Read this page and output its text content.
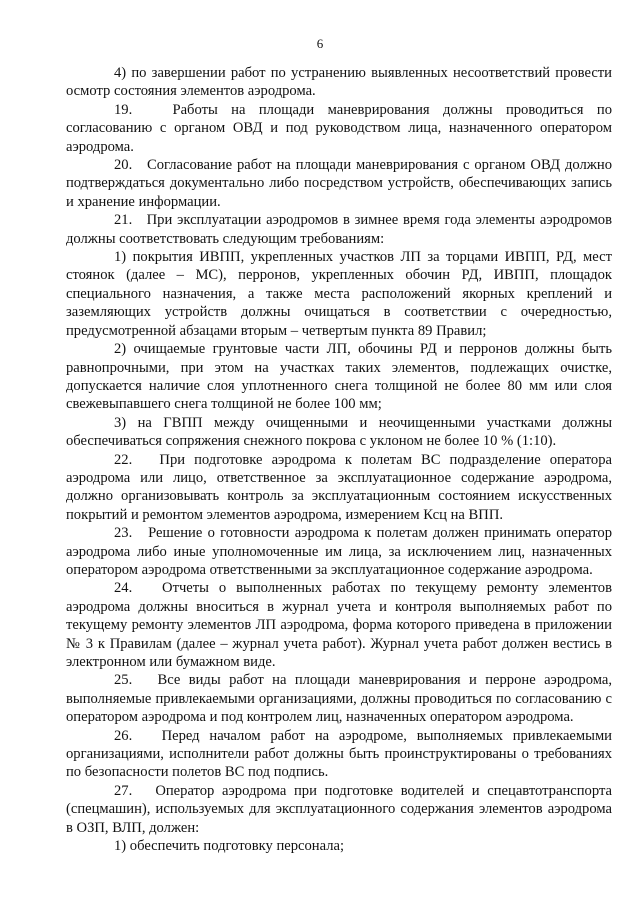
6

4) по завершении работ по устранению выявленных несоответствий провести осмотр состояния элементов аэродрома.

19.   Работы на площади маневрирования должны проводиться по согласованию с органом ОВД и под руководством лица, назначенного оператором аэродрома.

20.   Согласование работ на площади маневрирования с органом ОВД должно подтверждаться документально либо посредством устройств, обеспечивающих запись и хранение информации.

21.   При эксплуатации аэродромов в зимнее время года элементы аэродромов должны соответствовать следующим требованиям:

1) покрытия ИВПП, укрепленных участков ЛП за торцами ИВПП, РД, мест стоянок (далее – МС), перронов, укрепленных обочин РД, ИВПП, площадок специального назначения, а также места расположений якорных креплений и заземляющих устройств должны очищаться в соответствии с очередностью, предусмотренной абзацами вторым – четвертым пункта 89 Правил;

2) очищаемые грунтовые части ЛП, обочины РД и перронов должны быть равнопрочными, при этом на участках таких элементов, подлежащих очистке, допускается наличие слоя уплотненного снега толщиной не более 80 мм или слоя свежевыпавшего снега толщиной не более 100 мм;

3) на ГВПП между очищенными и неочищенными участками должны обеспечиваться сопряжения снежного покрова с уклоном не более 10 % (1:10).

22.   При подготовке аэродрома к полетам ВС подразделение оператора аэродрома или лицо, ответственное за эксплуатационное содержание аэродрома, должно организовывать контроль за эксплуатационным состоянием искусственных покрытий и ремонтом элементов аэродрома, измерением Ксц на ВПП.

23.   Решение о готовности аэродрома к полетам должен принимать оператор аэродрома либо иные уполномоченные им лица, за исключением лиц, назначенных оператором аэродрома ответственными за эксплуатационное содержание аэродрома.

24.   Отчеты о выполненных работах по текущему ремонту элементов аэродрома должны вноситься в журнал учета и контроля выполняемых работ по текущему ремонту элементов ЛП аэродрома, форма которого приведена в приложении № 3 к Правилам (далее – журнал учета работ). Журнал учета работ должен вестись в электронном или бумажном виде.

25.   Все виды работ на площади маневрирования и перроне аэродрома, выполняемые привлекаемыми организациями, должны проводиться по согласованию с оператором аэродрома и под контролем лиц, назначенных оператором аэродрома.

26.   Перед началом работ на аэродроме, выполняемых привлекаемыми организациями, исполнители работ должны быть проинструктированы о требованиях по безопасности полетов ВС под подпись.

27.   Оператор аэродрома при подготовке водителей и спецавтотранспорта (спецмашин), используемых для эксплуатационного содержания элементов аэродрома в ОЗП, ВЛП, должен:

1) обеспечить подготовку персонала;
